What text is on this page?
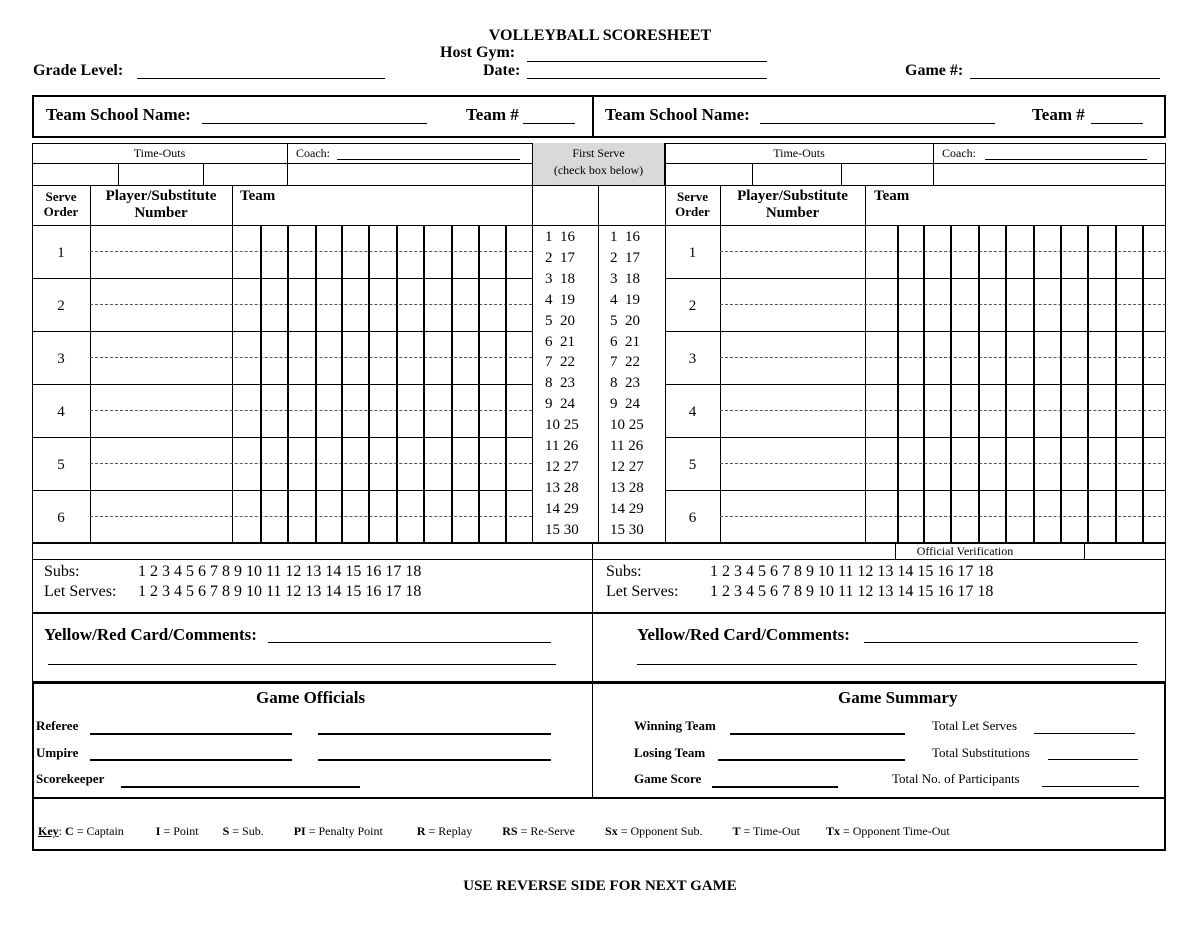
VOLLEYBALL SCORESHEET
Host Gym:
Grade Level:	Date:	Game #:
Team School Name:	Team #	Team School Name:	Team #
First Serve
(check box below)
Time-Outs	Coach:	Time-Outs	Coach:
Serve
Order
Player/Substitute
Number
Team	Serve
Order
Player/Substitute
Number
Team
1	1
2	2
3	3
4	4
5	5
6	6
1  16
2  17
3  18
4  19
5  20
6  21
7  22
8  23
9  24
10 25
11 26
12 27
13 28
14 29
15 30
1  16
2  17
3  18
4  19
5  20
6  21
7  22
8  23
9  24
10 25
11 26
12 27
13 28
14 29
15 30
Official Verification
Subs:	1 2 3 4 5 6 7 8 9 10 11 12 13 14 15 16 17 18
Let Serves: 1 2 3 4 5 6 7 8 9 10 11 12 13 14 15 16 17 18
Subs:	1 2 3 4 5 6 7 8 9 10 11 12 13 14 15 16 17 18
Let Serves: 1 2 3 4 5 6 7 8 9 10 11 12 13 14 15 16 17 18
Yellow/Red Card/Comments:	Yellow/Red Card/Comments:
Game Officials
Referee
Umpire
Scorekeeper
Game Summary
Winning Team	Total Let Serves
Losing Team	Total Substitutions
Game Score	Total No. of Participants
Key: C = Captain	I = Point S = Sub.	PI = Penalty Point	R = Replay	RS = Re-Serve	Sx = Opponent Sub.	T = Time-Out Tx = Opponent Time-Out
USE REVERSE SIDE FOR NEXT GAME
